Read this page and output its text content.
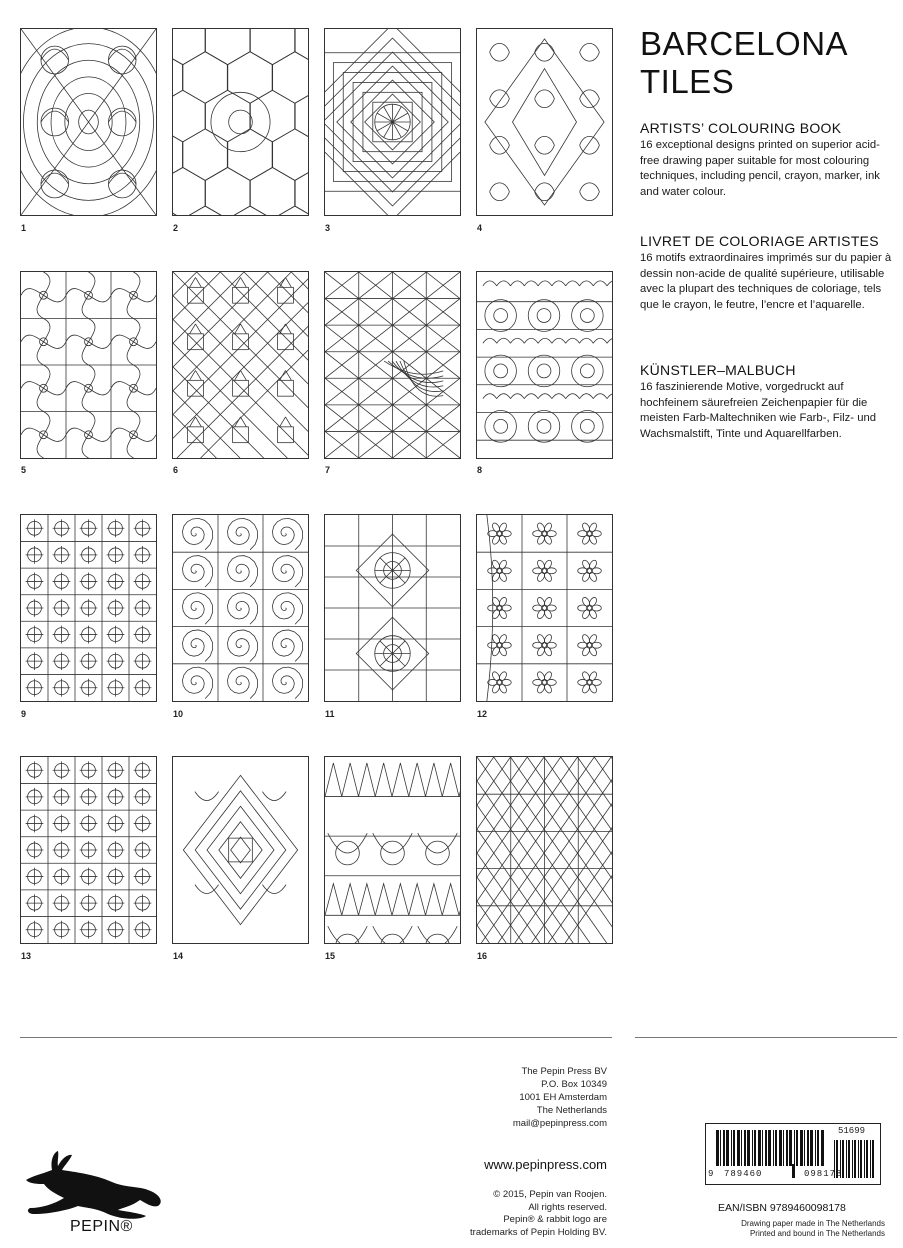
1	2	3	4
5	6	7	8
9	10	11	12
13	14	15	16
BARCELONA
TILES
ARTISTS’ COLOURING BOOK

16 exceptional designs printed on superior acid-free drawing paper suitable for most colouring techniques, including pencil, crayon, marker, ink and water colour.

LIVRET DE COLORIAGE ARTISTES

16 motifs extraordinaires imprimés sur du papier à dessin non-acide de qualité supérieure, utilisable avec la plupart des techniques de coloriage, tels que le crayon, le feutre, l’encre et l’aquarelle.

KÜNSTLER–MALBUCH

16 faszinierende Motive, vorgedruckt auf hochfeinem säurefreien Zeichenpapier für die meisten Farb-Maltechniken wie Farb-, Filz- und Wachsmalstift, Tinte und Aquarellfarben.

The Pepin Press BV
P.O. Box 10349
1001 EH Amsterdam
The Netherlands
mail@pepinpress.com
www.pepinpress.com
© 2015, Pepin van Roojen.
All rights reserved.
Pepin® & rabbit logo are
trademarks of Pepin Holding BV.
PEPIN®
9 789460	098178
51699
EAN/ISBN 9789460098178
Drawing paper made in The Netherlands
Printed and bound in The Netherlands
